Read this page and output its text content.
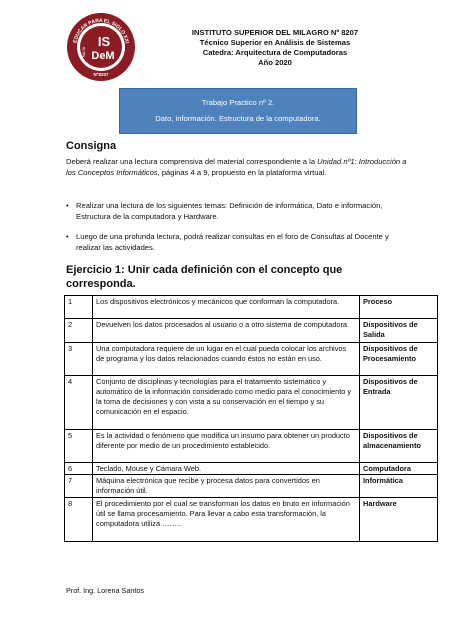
EDUCAR PARA EL SIGLO XXI
IS
DeM
SALTA
Nº8207
INSTITUTO SUPERIOR DEL MILAGRO Nº 8207
Técnico Superior en Análisis de Sistemas
Catedra: Arquitectura de Computadoras
Año 2020
Trabajo Practico nº 2.
Dato, información. Estructura de la computadora.
Consigna
Deberá realizar una lectura comprensiva del material correspondiente a la Unidad nº1: Introducción a los Conceptos Informáticos, páginas 4 a 9, propuesto en la plataforma virtual.
• Realizar una lectura de los siguientes temas: Definición de informática, Dato e información, Estructura de la computadora y Hardware.
• Luego de una profunda lectura, podrá realizar consultas en el foro de Consultas al Docente y realizar las actividades.
Ejercicio 1: Unir cada definición con el concepto que corresponda.
1	Los dispositivos electrónicos y mecánicos que conforman la computadora.	Proceso
2	Devuelven los datos procesados al usuario o a otro sistema de computadora.	Dispositivos de Salida
3	Una computadora requiere de un lugar en el cual pueda colocar los archivos de programa y los datos relacionados cuando éstos no están en uso.	Dispositivos de Procesamiento
4	Conjunto de disciplinas y tecnologías para el tratamiento sistemático y automático de la información considerado como medio para el conocimiento y la toma de decisiones y con vista a su conservación en el tiempo y su comunicación en el espacio.	Dispositivos de Entrada
5	Es la actividad o fenómeno que modifica un insumo para obtener un producto diferente por medio de un procedimiento establecido.	Dispositivos de almacenamiento
6	Teclado, Mouse y Cámara Web.	Computadora
7	Máquina electrónica que recibe y procesa datos para convertidos en información útil.	Informática
8	El procedimiento por el cual se transforman los datos en bruto en información útil se llama procesamiento. Para llevar a cabo esta transformación, la computadora utiliza ……..	Hardware
Prof. Ing. Lorena Santos
